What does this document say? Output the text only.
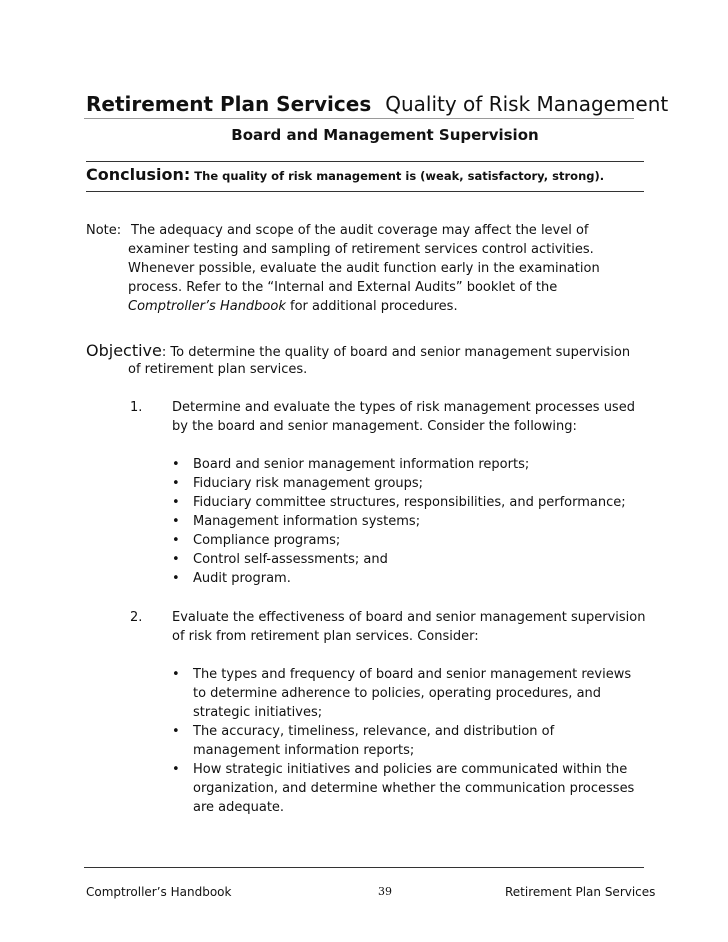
Retirement Plan Services Quality of Risk Management
Board and Management Supervision
Conclusion: The quality of risk management is (weak, satisfactory, strong).
Note: The adequacy and scope of the audit coverage may affect the level of
examiner testing and sampling of retirement services control activities.
Whenever possible, evaluate the audit function early in the examination
process. Refer to the “Internal and External Audits” booklet of the
Comptroller’s Handbook for additional procedures.
Objective: To determine the quality of board and senior management supervision
of retirement plan services.
1. Determine and evaluate the types of risk management processes used
by the board and senior management. Consider the following:
• Board and senior management information reports;
• Fiduciary risk management groups;
• Fiduciary committee structures, responsibilities, and performance;
• Management information systems;
• Compliance programs;
• Control self-assessments; and
• Audit program.
2. Evaluate the effectiveness of board and senior management supervision
of risk from retirement plan services. Consider:
• The types and frequency of board and senior management reviews
to determine adherence to policies, operating procedures, and
strategic initiatives;
• The accuracy, timeliness, relevance, and distribution of
management information reports;
• How strategic initiatives and policies are communicated within the
organization, and determine whether the communication processes
are adequate.
Comptroller’s Handbook	39	Retirement Plan Services
